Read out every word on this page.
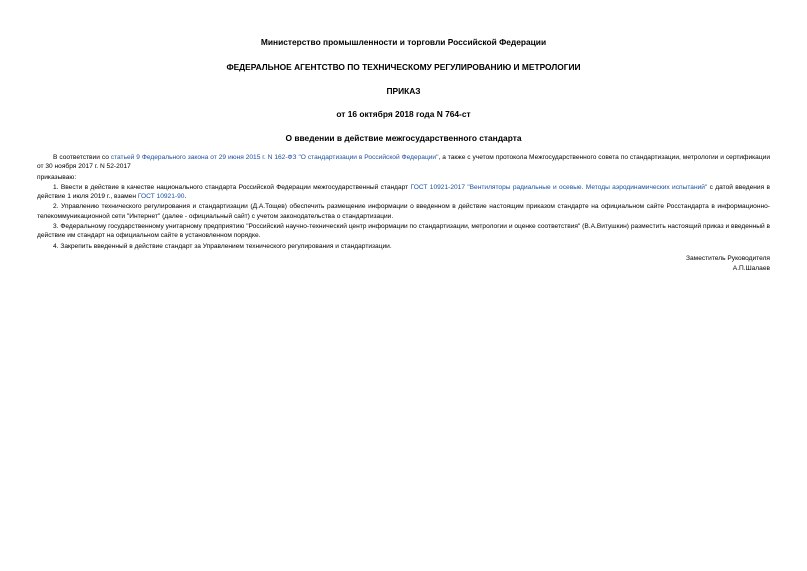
Министерство промышленности и торговли Российской Федерации

ФЕДЕРАЛЬНОЕ АГЕНТСТВО ПО ТЕХНИЧЕСКОМУ РЕГУЛИРОВАНИЮ И МЕТРОЛОГИИ

ПРИКАЗ

от 16 октября 2018 года N 764-ст

О введении в действие межгосударственного стандарта

В соответствии со статьей 9 Федерального закона от 29 июня 2015 г. N 162-ФЗ "О стандартизации в Российской Федерации", а также с учетом протокола Межгосударственного совета по стандартизации, метрологии и сертификации от 30 ноября 2017 г. N 52-2017

приказываю:

1. Ввести в действие в качестве национального стандарта Российской Федерации межгосударственный стандарт ГОСТ 10921-2017 "Вентиляторы радиальные и осевые. Методы аэродинамических испытаний" с датой введения в действие 1 июля 2019 г., взамен ГОСТ 10921-90.

2. Управлению технического регулирования и стандартизации (Д.А.Тощев) обеспечить размещение информации о введенном в действие настоящим приказом стандарте на официальном сайте Росстандарта в информационно-телекоммуникационной сети "Интернет" (далее - официальный сайт) с учетом законодательства о стандартизации.

3. Федеральному государственному унитарному предприятию "Российский научно-технический центр информации по стандартизации, метрологии и оценке соответствия" (В.А.Витушкин) разместить настоящий приказ и введенный в действие им стандарт на официальном сайте в установленном порядке.

4. Закрепить введенный в действие стандарт за Управлением технического регулирования и стандартизации.

Заместитель Руководителя
А.П.Шалаев
